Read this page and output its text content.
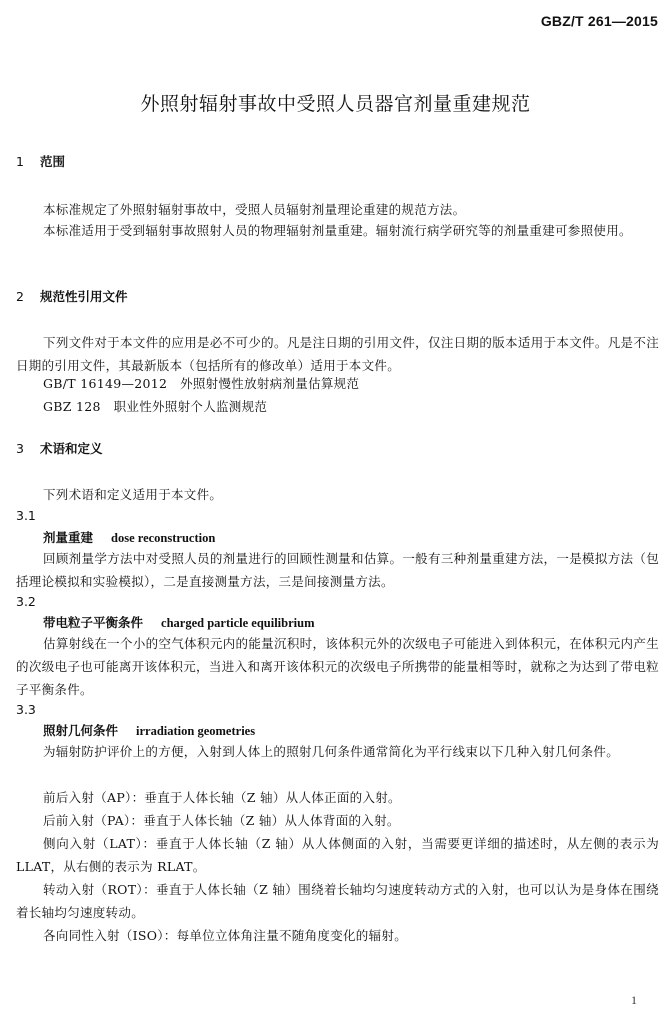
GBZ/T 261—2015
外照射辐射事故中受照人员器官剂量重建规范
1 范围
本标准规定了外照射辐射事故中，受照人员辐射剂量理论重建的规范方法。
本标准适用于受到辐射事故照射人员的物理辐射剂量重建。辐射流行病学研究等的剂量重建可参照使用。
2 规范性引用文件
下列文件对于本文件的应用是必不可少的。凡是注日期的引用文件，仅注日期的版本适用于本文件。凡是不注日期的引用文件，其最新版本（包括所有的修改单）适用于本文件。
GB/T 16149—2012　外照射慢性放射病剂量估算规范
GBZ 128　职业性外照射个人监测规范
3 术语和定义
下列术语和定义适用于本文件。
3.1
剂量重建 dose reconstruction
回顾剂量学方法中对受照人员的剂量进行的回顾性测量和估算。一般有三种剂量重建方法，一是模拟方法（包括理论模拟和实验模拟），二是直接测量方法，三是间接测量方法。
3.2
带电粒子平衡条件 charged particle equilibrium
估算射线在一个小的空气体积元内的能量沉积时，该体积元外的次级电子可能进入到体积元，在体积元内产生的次级电子也可能离开该体积元，当进入和离开该体积元的次级电子所携带的能量相等时，就称之为达到了带电粒子平衡条件。
3.3
照射几何条件 irradiation geometries
为辐射防护评价上的方便，入射到人体上的照射几何条件通常简化为平行线束以下几种入射几何条件。
前后入射（AP）：垂直于人体长轴（Z 轴）从人体正面的入射。
后前入射（PA）：垂直于人体长轴（Z 轴）从人体背面的入射。
侧向入射（LAT）：垂直于人体长轴（Z 轴）从人体侧面的入射，当需要更详细的描述时，从左侧的表示为 LLAT，从右侧的表示为 RLAT。
转动入射（ROT）：垂直于人体长轴（Z 轴）围绕着长轴均匀速度转动方式的入射，也可以认为是身体在围绕着长轴均匀速度转动。
各向同性入射（ISO）：每单位立体角注量不随角度变化的辐射。
1
